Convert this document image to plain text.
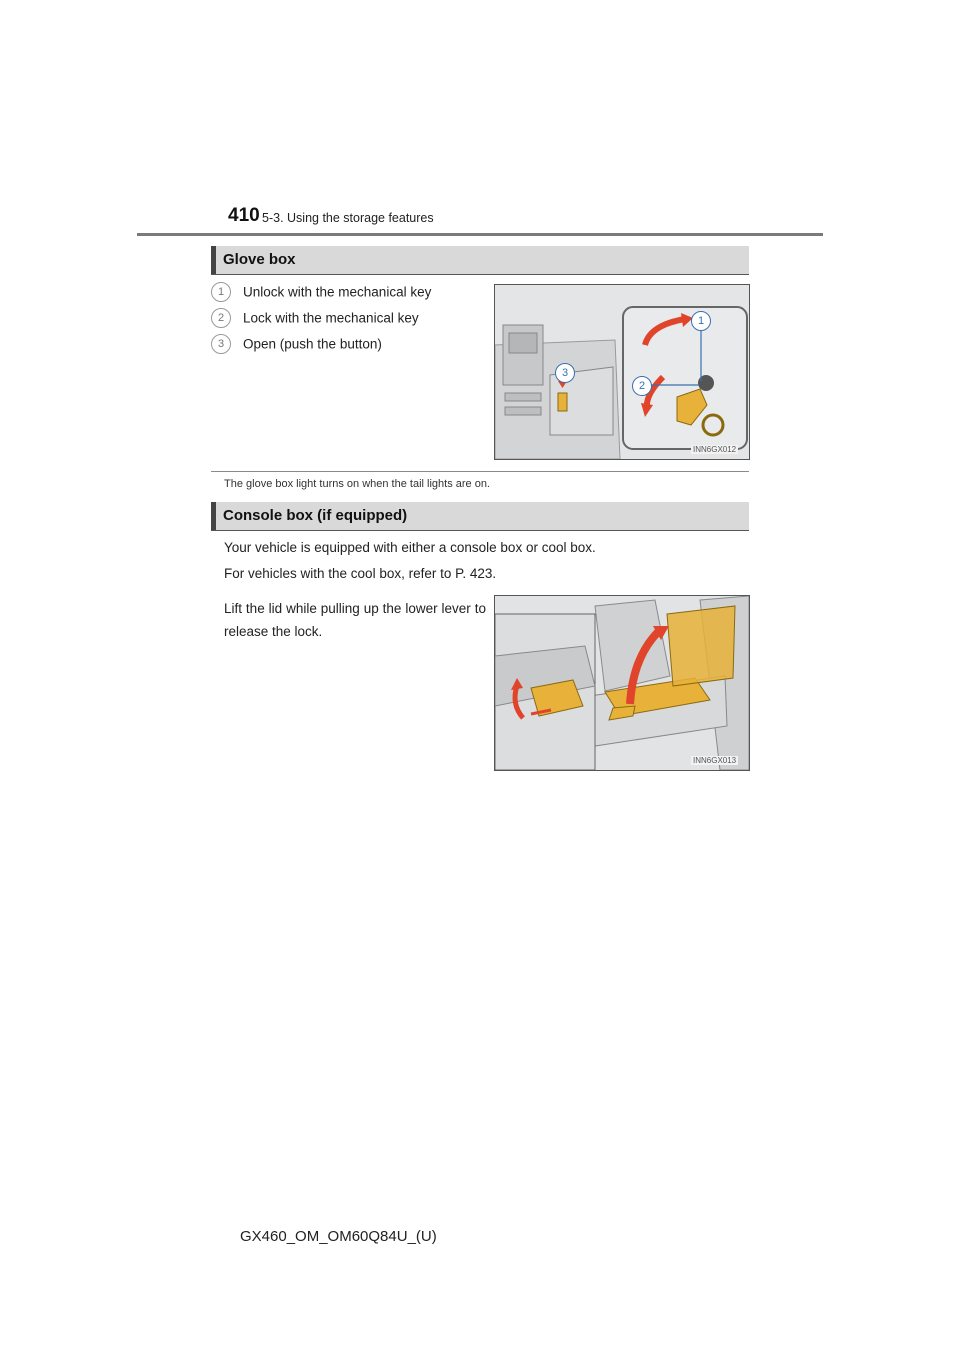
410 5-3. Using the storage features
Glove box
1 Unlock with the mechanical key
2 Lock with the mechanical key
3 Open (push the button)
1
2
3
INN6GX012
The glove box light turns on when the tail lights are on.
Console box (if equipped)
Your vehicle is equipped with either a console box or cool box.
For vehicles with the cool box, refer to P. 423.
Lift the lid while pulling up the lower lever to release the lock.
INN6GX013
GX460_OM_OM60Q84U_(U)
